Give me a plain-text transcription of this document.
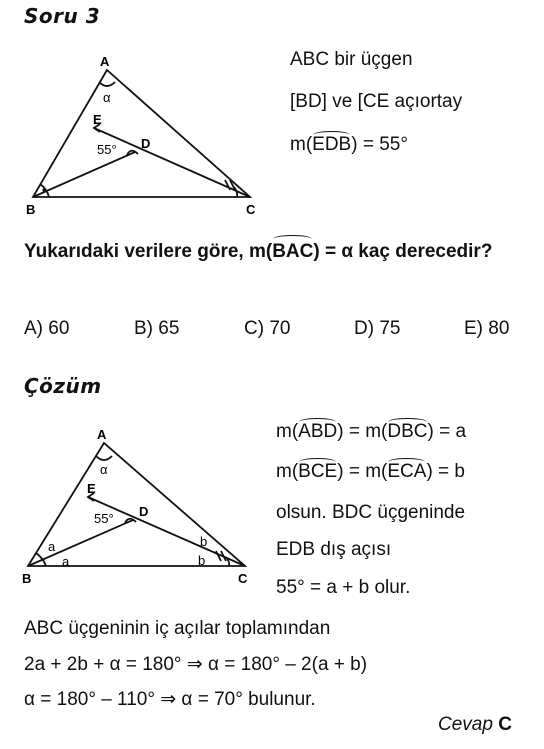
Soru 3
A
B	C
D
E
α
55°
ABC bir üçgen
[BD] ve [CE açıortay
m(EDB) = 55°
Yukarıdaki verilere göre, m(BAC) = α kaç derecedir?
A) 60	B) 65	C) 70	D) 75	E) 80
Çözüm
A
B	C
D
E
α
55°
a
a
b
b
m(ABD) = m(DBC) = a
m(BCE) = m(ECA) = b
olsun. BDC üçgeninde
EDB dış açısı
55° = a + b olur.
ABC üçgeninin iç açılar toplamından
2a + 2b + α = 180° ⇒ α = 180° – 2(a + b)
α = 180° – 110° ⇒ α = 70° bulunur.
Cevap C
